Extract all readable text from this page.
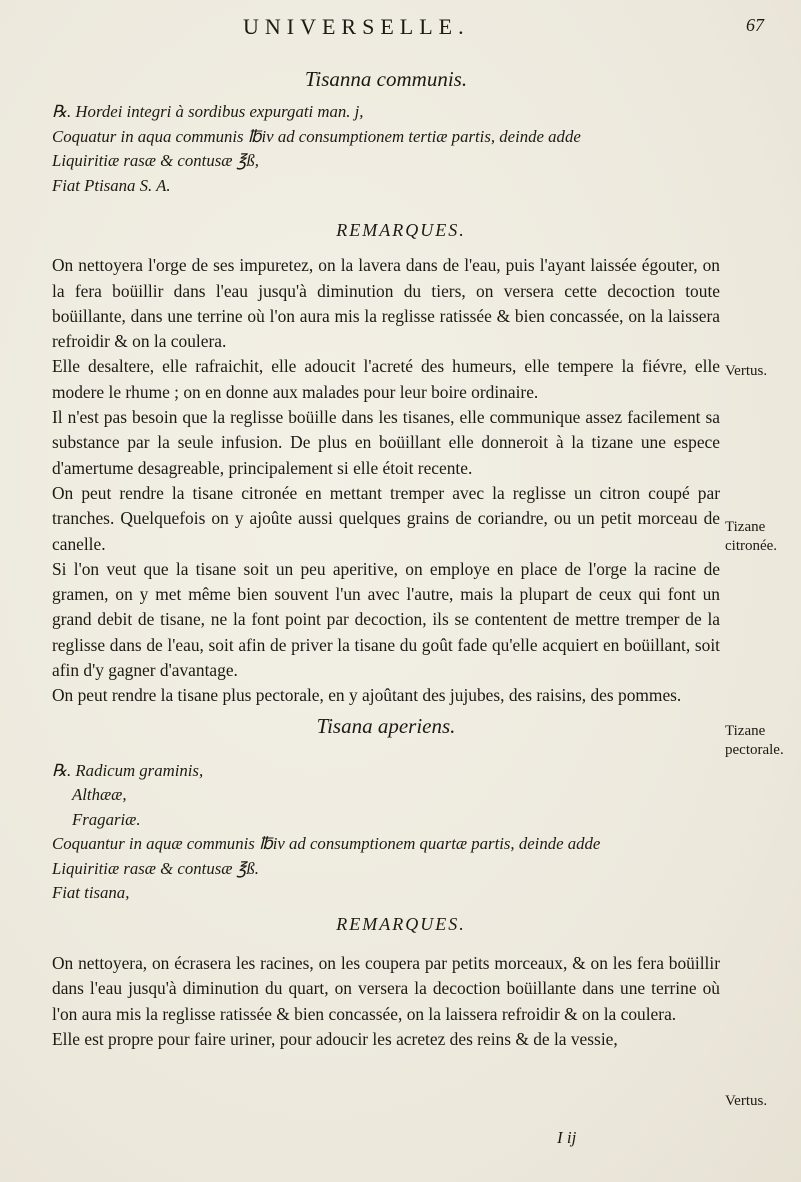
UNIVERSELLE.	67
Tisanna communis.
℞. Hordei integri à sordibus expurgati man. j,
Coquatur in aqua communis ℔iv ad consumptionem tertiæ partis, deinde adde
Liquiritiæ rasæ & contusæ ℥ß,
Fiat Ptisana S. A.
REMARQUES.

On nettoyera l'orge de ses impuretez, on la lavera dans de l'eau, puis l'ayant laissée égouter, on la fera boüillir dans l'eau jusqu'à diminution du tiers, on versera cette decoction toute boüillante, dans une terrine où l'on aura mis la reglisse ratissée & bien concassée, on la laissera refroidir & on la coulera.

Elle desaltere, elle rafraichit, elle adoucit l'acreté des humeurs, elle tempere la fiévre, elle modere le rhume ; on en donne aux malades pour leur boire ordinaire.

Il n'est pas besoin que la reglisse boüille dans les tisanes, elle communique assez facilement sa substance par la seule infusion. De plus en boüillant elle donneroit à la tizane une espece d'amertume desagreable, principalement si elle étoit recente.

On peut rendre la tisane citronée en mettant tremper avec la reglisse un citron coupé par tranches. Quelquefois on y ajoûte aussi quelques grains de coriandre, ou un petit morceau de canelle.

Si l'on veut que la tisane soit un peu aperitive, on employe en place de l'orge la racine de gramen, on y met même bien souvent l'un avec l'autre, mais la plupart de ceux qui font un grand debit de tisane, ne la font point par decoction, ils se contentent de mettre tremper de la reglisse dans de l'eau, soit afin de priver la tisane du goût fade qu'elle acquiert en boüillant, soit afin d'y gagner d'avantage.

On peut rendre la tisane plus pectorale, en y ajoûtant des jujubes, des raisins, des pommes.

Tisana aperiens.
℞. Radicum graminis,
Althææ,
Fragariæ.
Coquantur in aquæ communis ℔iv ad consumptionem quartæ partis, deinde adde
Liquiritiæ rasæ & contusæ ℥ß.
Fiat tisana,
REMARQUES.

On nettoyera, on écrasera les racines, on les coupera par petits morceaux, & on les fera boüillir dans l'eau jusqu'à diminution du quart, on versera la decoction boüillante dans une terrine où l'on aura mis la reglisse ratissée & bien concassée, on la laissera refroidir & on la coulera.

Elle est propre pour faire uriner, pour adoucir les acretez des reins & de la vessie,

Vertus.
Tizane citronée.
Tizane pectorale.
Vertus.
I ij
